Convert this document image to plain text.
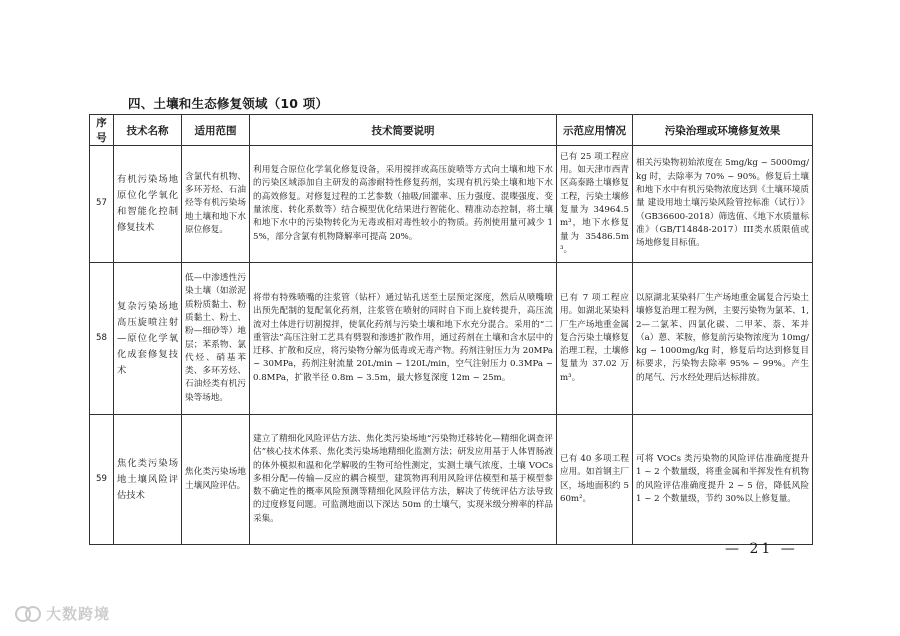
四、土壤和生态修复领域（10 项）
序号	技术名称	适用范围	技术简要说明	示范应用情况	污染治理或环境修复效果
57	有机污染场地原位化学氧化和智能化控制修复技术	含氯代有机物、多环芳烃、石油烃等有机污染场地土壤和地下水原位修复。	利用复合原位化学氧化修复设备，采用搅拌或高压旋喷等方式向土壤和地下水的污染区域添加自主研发的高渗耐特性修复药剂，实现有机污染土壤和地下水的高效修复。对修复过程的工艺参数（抽吸/回灌率、压力强度、混喋强度、变量浓度、转化系数等）结合模型优化结果进行智能化、精准动态控制，将土壤和地下水中的污染物转化为无毒或相对毒性较小的物质。药剂使用量可减少 15%，部分含氯有机物降解率可提高 20%。	已有 25 项工程应用。如天津市西青区高泰路土壤修复工程，污染土壤修复量为 34964.5m³，地下水修复量为 35486.5m³。	相关污染物初始浓度在 5mg/kg ~ 5000mg/kg 时，去除率为 70% ~ 90%。修复后土壤和地下水中有机污染物浓度达到《土壤环境质量 建设用地土壤污染风险管控标准（试行）》（GB36600-2018）筛选值、《地下水质量标准》（GB/T14848-2017）III类水质限值或场地修复目标值。
58	复杂污染场地高压旋喷注射—原位化学氧化成套修复技术	低—中渗透性污染土壤（如淤泥质粉质黏土、粉质黏土、粉土、粉—细砂等）地层；苯系物、氯代烃、硝基苯类、多环芳烃、石油烃类有机污染等场地。	将带有特殊喷嘴的注浆管（钻杆）通过钻孔送至土层预定深度，然后从喷嘴喷出预先配制的复配氧化药剂，注浆管在喷射的同时自下而上旋转提升，高压流流对土体进行切割搅拌，使氧化药剂与污染土壤和地下水充分混合。采用的“二重管法”高压注射工艺具有劈裂和渗透扩散作用，通过药剂在土壤和含水层中的迁移、扩散和反应，将污染物分解为低毒或无毒产物。药剂注射压力为 20MPa ~ 30MPa，药剂注射流量 20L/min ~ 120L/min，空气注射压力 0.3MPa ~ 0.8MPa，扩散半径 0.8m ~ 3.5m，最大修复深度 12m ~ 25m。	已有 7 项工程应用。如湖北某染料厂生产场地重金属复合污染土壤修复治理工程，土壤修复量为 37.02 万 m³。	以原湖北某染料厂生产场地重金属复合污染土壤修复治理工程为例，主要污染物为氯苯、1,2—二氯苯、四氯化碳、二甲苯、萘、苯并（a）蒽、苯胺，修复前污染物浓度为 10mg/kg ~ 1000mg/kg 时，修复后均达到修复目标要求，污染物去除率 95% ~ 99%。产生的尾气、污水经处理后达标排放。
59	焦化类污染场地土壤风险评估技术	焦化类污染场地土壤风险评估。	建立了精细化风险评估方法、焦化类污染场地“污染物迁移转化—精细化调查评估”核心技术体系、焦化类污染场地精细化监测方法；研发应用基于人体胃肠液的体外模拟和温和化学解吸的生物可给性测定，实测土壤气浓度、土壤 VOCs 多相分配—传输—反应的耦合模型，建筑物再利用风险评估模型和基于模型参数不确定性的概率风险预测等精细化风险评估方法，解决了传统评估方法导致的过度修复问题。可监测地面以下深达 50m 的土壤气，实现米级分辨率的样品采集。	已有 40 多项工程应用。如首钢主厂区，场地面积约 560m²。	可将 VOCs 类污染物的风险评估准确度提升 1 ~ 2 个数量级，将重金属和半挥发性有机物的风险评估准确度提升 2 ~ 5 倍，降低风险 1 ~ 2 个数量级，节约 30%以上修复量。
— 21 —
大数跨境
